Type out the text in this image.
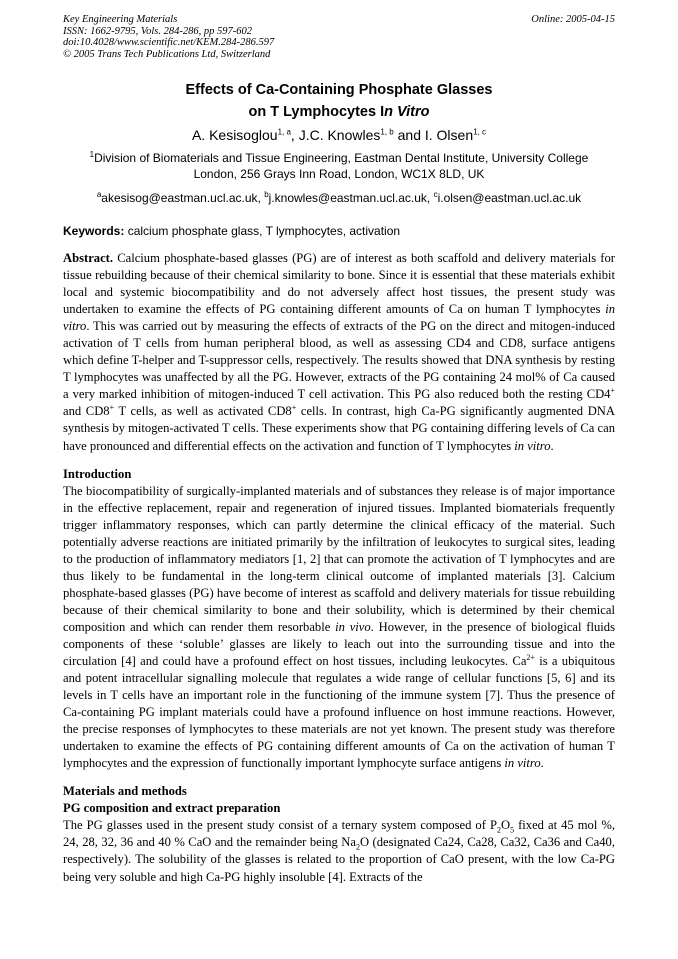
Key Engineering Materials
ISSN: 1662-9795, Vols. 284-286, pp 597-602
doi:10.4028/www.scientific.net/KEM.284-286.597
© 2005 Trans Tech Publications Ltd, Switzerland
Online: 2005-04-15
Effects of Ca-Containing Phosphate Glasses
on T Lymphocytes In Vitro
A. Kesisoglou$^{1, a}$, J.C. Knowles$^{1, b}$ and I. Olsen$^{1, c}$
$^1$Division of Biomaterials and Tissue Engineering, Eastman Dental Institute, University College
London, 256 Grays Inn Road, London, WC1X 8LD, UK
$^a$akesisog@eastman.ucl.ac.uk, $^b$j.knowles@eastman.ucl.ac.uk, $^c$i.olsen@eastman.ucl.ac.uk
Keywords: calcium phosphate glass, T lymphocytes, activation

Abstract. Calcium phosphate-based glasses (PG) are of interest as both scaffold and delivery materials for tissue rebuilding because of their chemical similarity to bone. Since it is essential that these materials exhibit local and systemic biocompatibility and do not adversely affect host tissues, the present study was undertaken to examine the effects of PG containing different amounts of Ca on human T lymphocytes in vitro. This was carried out by measuring the effects of extracts of the PG on the direct and mitogen-induced activation of T cells from human peripheral blood, as well as assessing CD4 and CD8, surface antigens which define T-helper and T-suppressor cells, respectively. The results showed that DNA synthesis by resting T lymphocytes was unaffected by all the PG. However, extracts of the PG containing 24 mol% of Ca caused a very marked inhibition of mitogen-induced T cell activation. This PG also reduced both the resting CD4+ and CD8+ T cells, as well as activated CD8+ cells. In contrast, high Ca-PG significantly augmented DNA synthesis by mitogen-activated T cells. These experiments show that PG containing differing levels of Ca can have pronounced and differential effects on the activation and function of T lymphocytes in vitro.

Introduction

The biocompatibility of surgically-implanted materials and of substances they release is of major importance in the effective replacement, repair and regeneration of injured tissues. Implanted biomaterials frequently trigger inflammatory responses, which can partly determine the clinical efficacy of the material. Such potentially adverse reactions are initiated primarily by the infiltration of leukocytes to surgical sites, leading to the production of inflammatory mediators [1, 2] that can promote the activation of T lymphocytes and are thus likely to be fundamental in the long-term clinical outcome of implanted materials [3]. Calcium phosphate-based glasses (PG) have become of interest as scaffold and delivery materials for tissue rebuilding because of their chemical similarity to bone and their solubility, which is determined by their chemical composition and which can render them resorbable in vivo. However, in the presence of biological fluids components of these ‘soluble’ glasses are likely to leach out into the surrounding tissue and into the circulation [4] and could have a profound effect on host tissues, including leukocytes. $Ca^{2+}$ is a ubiquitous and potent intracellular signalling molecule that regulates a wide range of cellular functions [5, 6] and its levels in T cells have an important role in the functioning of the immune system [7]. Thus the presence of Ca-containing PG implant materials could have a profound influence on host immune reactions. However, the precise responses of lymphocytes to these materials are not yet known. The present study was therefore undertaken to examine the effects of PG containing different amounts of Ca on the activation of human T lymphocytes and the expression of functionally important lymphocyte surface antigens in vitro.

Materials and methods
PG composition and extract preparation

The PG glasses used in the present study consist of a ternary system composed of $P_2O_5$ fixed at 45 mol %, 24, 28, 32, 36 and 40 % CaO and the remainder being $Na_2O$ (designated Ca24, Ca28, Ca32, Ca36 and Ca40, respectively). The solubility of the glasses is related to the proportion of CaO present, with the low Ca-PG being very soluble and high Ca-PG highly insoluble [4]. Extracts of the
